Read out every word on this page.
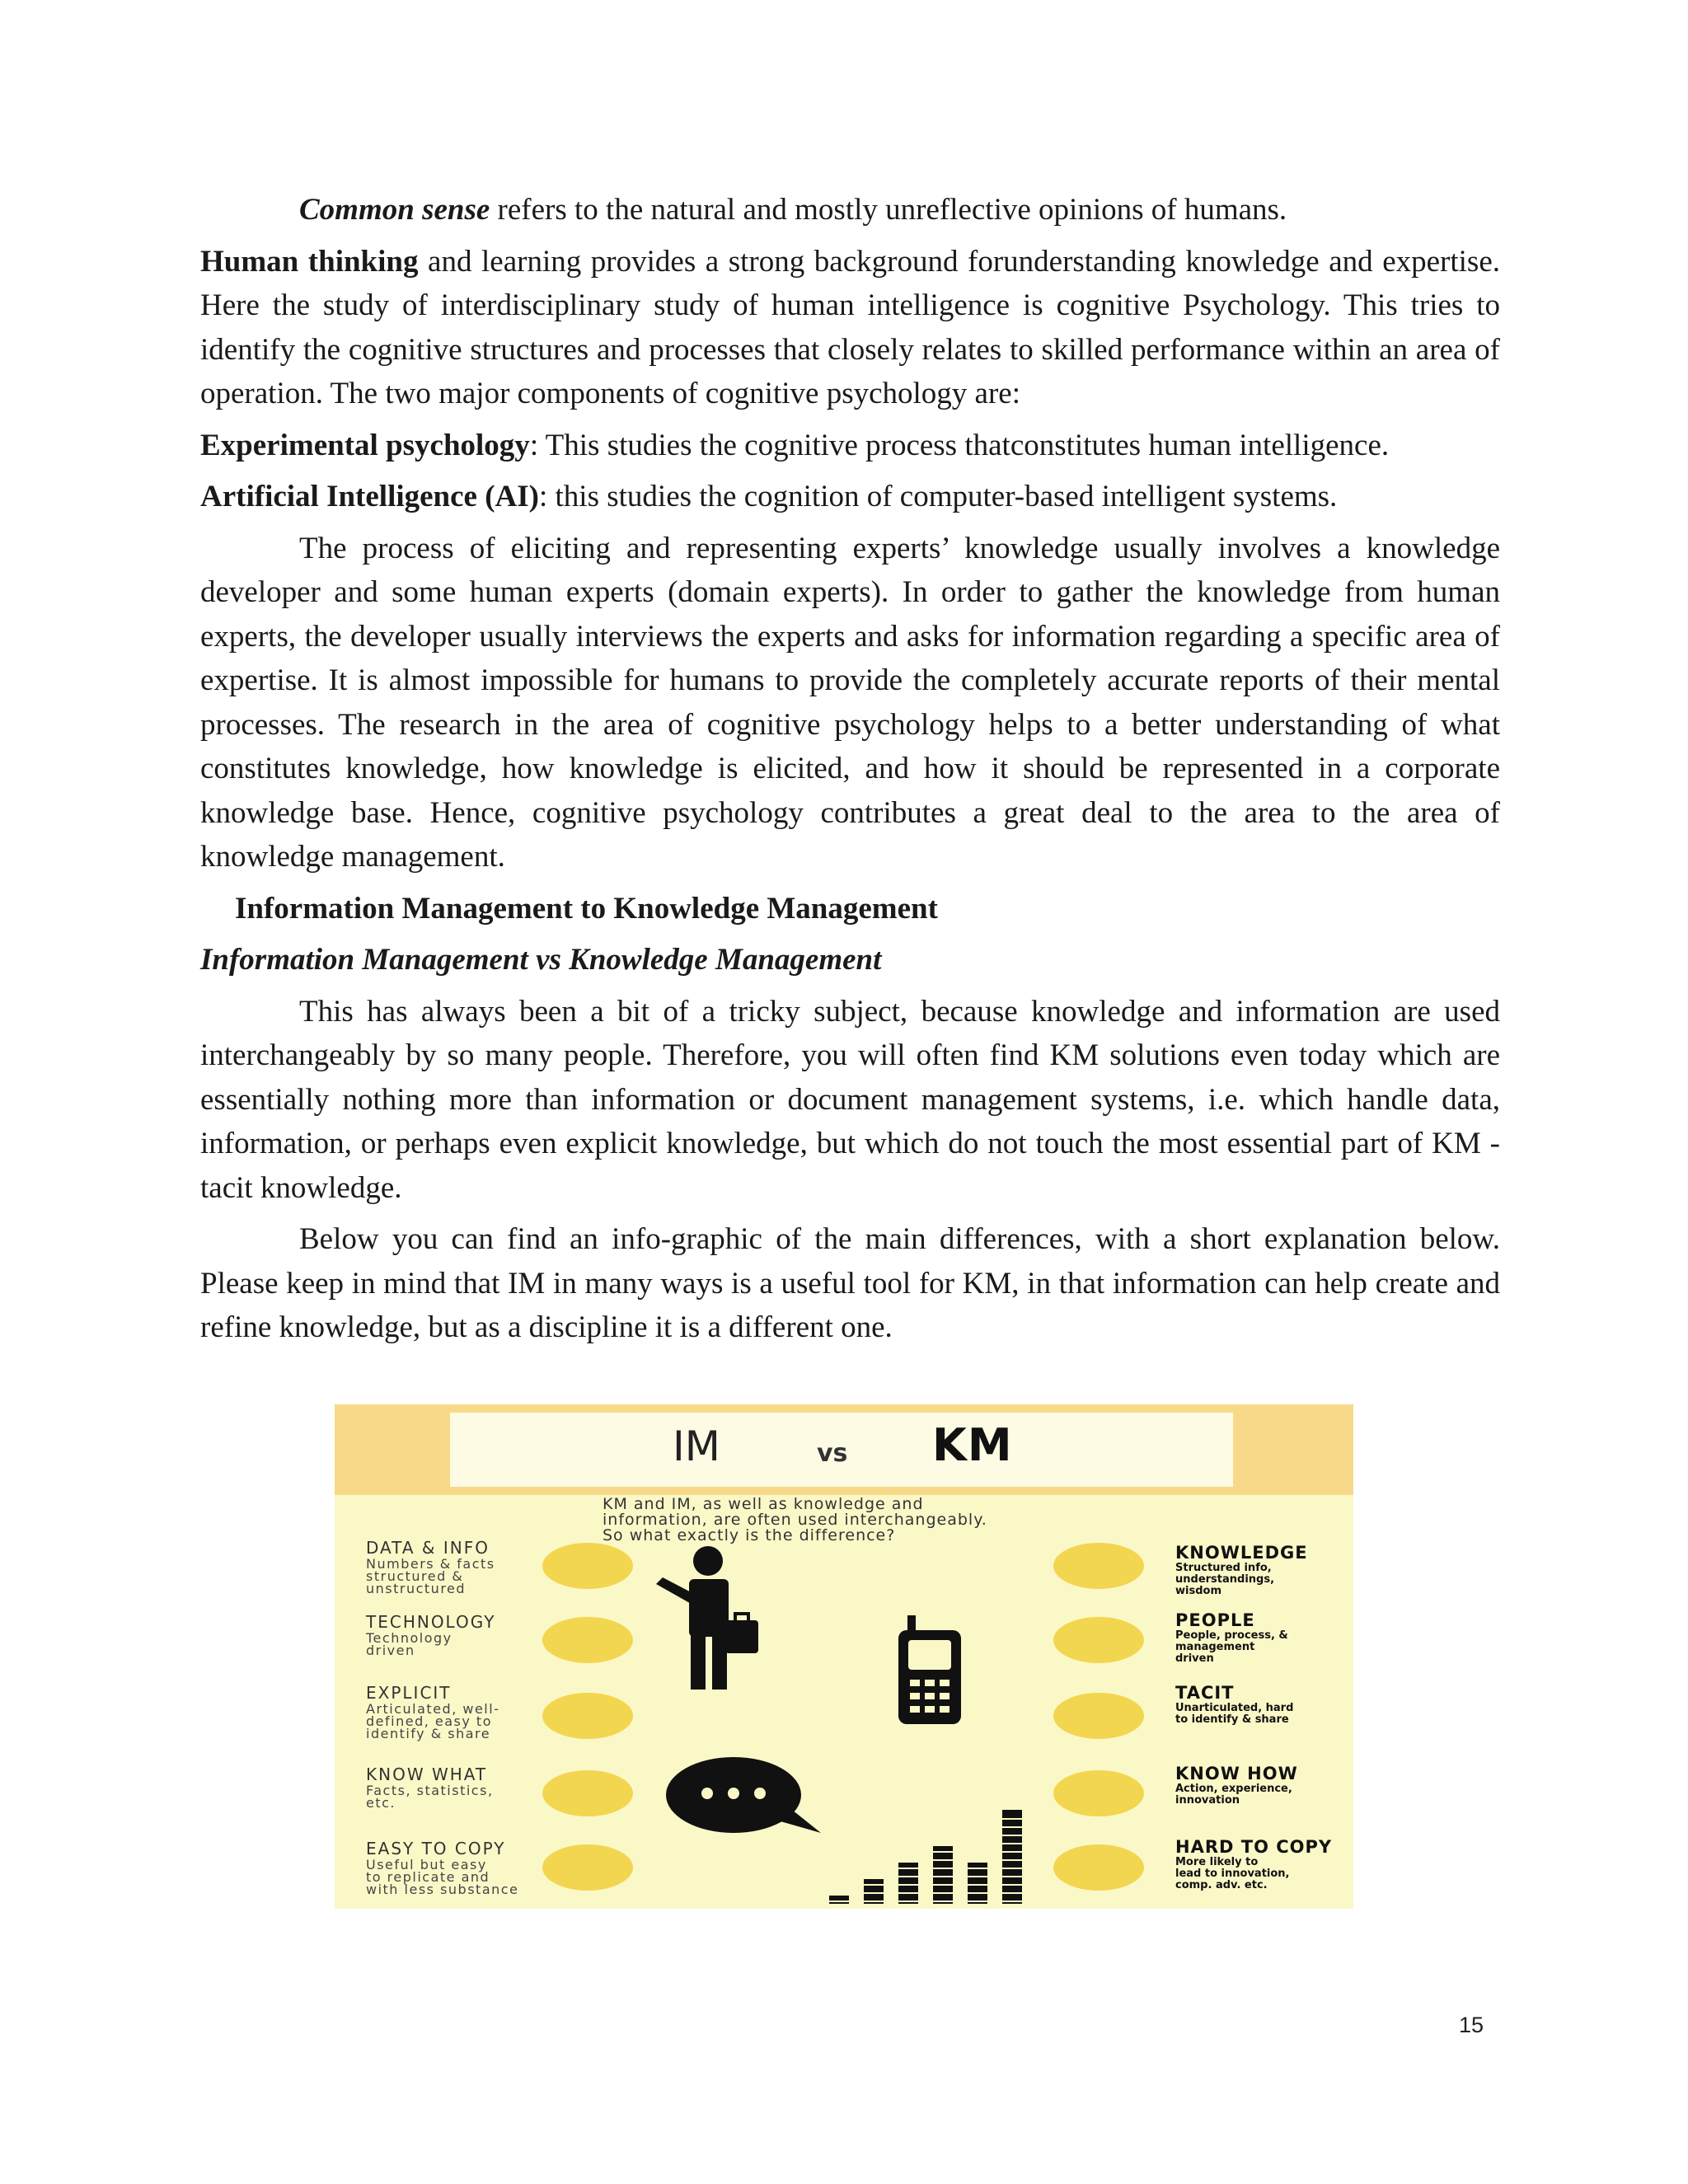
Common sense refers to the natural and mostly unreflective opinions of humans.

Human thinking and learning provides a strong background forunderstanding knowledge and expertise. Here the study of interdisciplinary study of human intelligence is cognitive Psychology. This tries to identify the cognitive structures and processes that closely relates to skilled performance within an area of operation. The two major components of cognitive psychology are:

Experimental psychology: This studies the cognitive process thatconstitutes human intelligence.

Artificial Intelligence (AI): this studies the cognition of computer-based intelligent systems.

The process of eliciting and representing experts’ knowledge usually involves a knowledge developer and some human experts (domain experts). In order to gather the knowledge from human experts, the developer usually interviews the experts and asks for information regarding a specific area of expertise. It is almost impossible for humans to provide the completely accurate reports of their mental processes. The research in the area of cognitive psychology helps to a better understanding of what constitutes knowledge, how knowledge is elicited, and how it should be represented in a corporate knowledge base. Hence, cognitive psychology contributes a great deal to the area to the area of knowledge management.

Information Management to Knowledge Management
Information Management vs Knowledge Management

This has always been a bit of a tricky subject, because knowledge and information are used interchangeably by so many people. Therefore, you will often find KM solutions even today which are essentially nothing more than information or document management systems, i.e. which handle data, information, or perhaps even explicit knowledge, but which do not touch the most essential part of KM - tacit knowledge.

Below you can find an info-graphic of the main differences, with a short explanation below. Please keep in mind that IM in many ways is a useful tool for KM, in that information can help create and refine knowledge, but as a discipline it is a different one.

IM	vs KM
KM and IM, as well as knowledge and
information, are often used interchangeably.
So what exactly is the difference?
DATA & INFO
Numbers & facts
structured &
unstructured
TECHNOLOGY
Technology
driven
EXPLICIT
Articulated, well-
defined, easy to
identify & share
KNOW WHAT
Facts, statistics,
etc.
EASY TO COPY
Useful but easy
to replicate and
with less substance
KNOWLEDGE
Structured info,
understandings,
wisdom
PEOPLE
People, process, &
management
driven
TACIT
Unarticulated, hard
to identify & share
KNOW HOW
Action, experience,
innovation
HARD TO COPY
More likely to
lead to innovation,
comp. adv. etc.
15
